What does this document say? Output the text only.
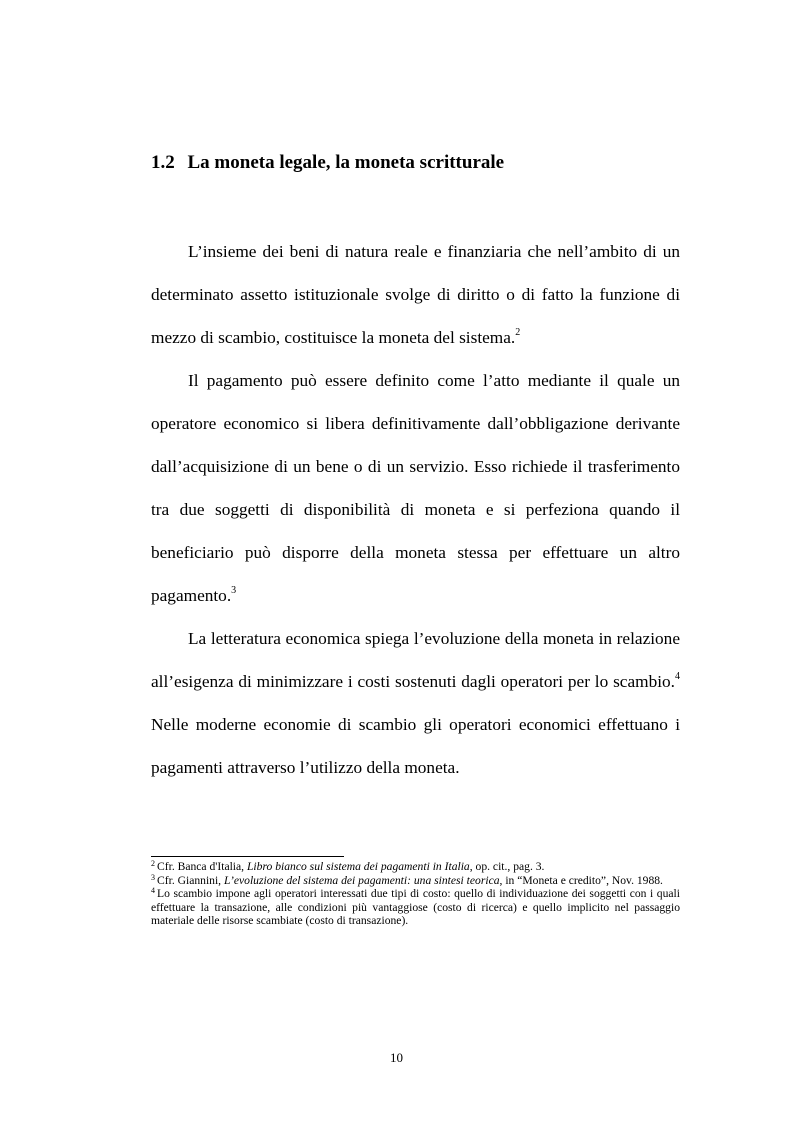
1.2 La moneta legale, la moneta scritturale

L’insieme dei beni di natura reale e finanziaria che nell’ambito di un determinato assetto istituzionale svolge di diritto o di fatto la funzione di mezzo di scambio, costituisce la moneta del sistema.$^2$

Il pagamento può essere definito come l’atto mediante il quale un operatore economico si libera definitivamente dall’obbligazione derivante dall’acquisizione di un bene o di un servizio. Esso richiede il trasferimento tra due soggetti di disponibilità di moneta e si perfeziona quando il beneficiario può disporre della moneta stessa per effettuare un altro pagamento.$^3$

La letteratura economica spiega l’evoluzione della moneta in relazione all’esigenza di minimizzare i costi sostenuti dagli operatori per lo scambio.$^4$ Nelle moderne economie di scambio gli operatori economici effettuano i pagamenti attraverso l’utilizzo della moneta.

$^2$ Cfr. Banca d'Italia, Libro bianco sul sistema dei pagamenti in Italia, op. cit., pag. 3.

$^3$ Cfr. Giannini, L’evoluzione del sistema dei pagamenti: una sintesi teorica, in “Moneta e credito”, Nov. 1988.

$^4$ Lo scambio impone agli operatori interessati due tipi di costo: quello di individuazione dei soggetti con i quali effettuare la transazione, alle condizioni più vantaggiose (costo di ricerca) e quello implicito nel passaggio materiale delle risorse scambiate (costo di transazione).

10
